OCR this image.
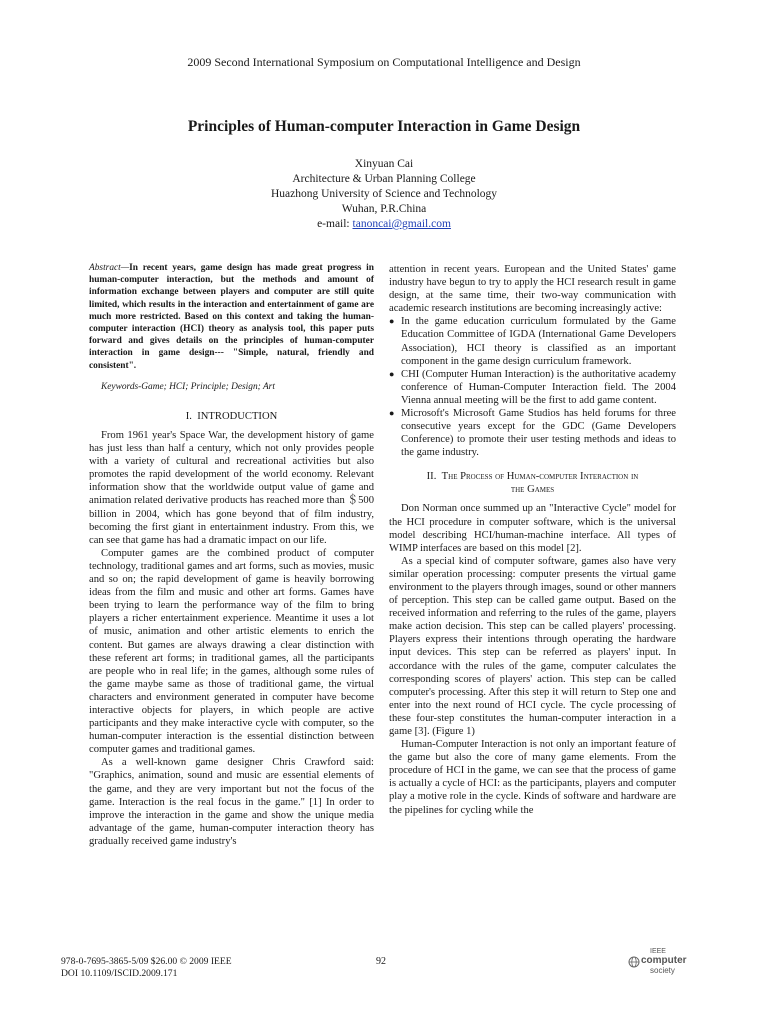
2009 Second International Symposium on Computational Intelligence and Design
Principles of Human-computer Interaction in Game Design
Xinyuan Cai
Architecture & Urban Planning College
Huazhong University of Science and Technology
Wuhan, P.R.China
e-mail: tanoncai@gmail.com

Abstract—In recent years, game design has made great progress in human-computer interaction, but the methods and amount of information exchange between players and computer are still quite limited, which results in the interaction and entertainment of game are much more restricted. Based on this context and taking the human-computer interaction (HCI) theory as analysis tool, this paper puts forward and gives details on the principles of human-computer interaction in game design--- "Simple, natural, friendly and consistent".

Keywords-Game; HCI; Principle; Design; Art

I. INTRODUCTION

From 1961 year's Space War, the development history of game has just less than half a century, which not only provides people with a variety of cultural and recreational activities but also promotes the rapid development of the world economy. Relevant information show that the worldwide output value of game and animation related derivative products has reached more than ＄500 billion in 2004, which has gone beyond that of film industry, becoming the first giant in entertainment industry. From this, we can see that game has had a dramatic impact on our life.

Computer games are the combined product of computer technology, traditional games and art forms, such as movies, music and so on; the rapid development of game is heavily borrowing ideas from the film and music and other art forms. Games have been trying to learn the performance way of the film to bring players a richer entertainment experience. Meantime it uses a lot of music, animation and other artistic elements to enrich the content. But games are always drawing a clear distinction with these referent art forms; in traditional games, all the participants are people who in real life; in the games, although some rules of the game maybe same as those of traditional game, the virtual characters and environment generated in computer have become interactive objects for players, in which people are active participants and they make interactive cycle with computer, so the human-computer interaction is the essential distinction between computer games and traditional games.

As a well-known game designer Chris Crawford said: "Graphics, animation, sound and music are essential elements of the game, and they are very important but not the focus of the game. Interaction is the real focus in the game." [1] In order to improve the interaction in the game and show the unique media advantage of the game, human-computer interaction theory has gradually received game industry's

attention in recent years. European and the United States' game industry have begun to try to apply the HCI research result in game design, at the same time, their two-way communication with academic research institutions are becoming increasingly active:

● In the game education curriculum formulated by the Game Education Committee of IGDA (International Game Developers Association), HCI theory is classified as an important component in the game design curriculum framework.
● CHI (Computer Human Interaction) is the authoritative academy conference of Human-Computer Interaction field. The 2004 Vienna annual meeting will be the first to add game content.
● Microsoft's Microsoft Game Studios has held forums for three consecutive years except for the GDC (Game Developers Conference) to promote their user testing methods and ideas to the game industry.

II. The Process of Human-computer Interaction in
the Games

Don Norman once summed up an "Interactive Cycle" model for the HCI procedure in computer software, which is the universal model describing HCI/human-machine interface. All types of WIMP interfaces are based on this model [2].

As a special kind of computer software, games also have very similar operation processing: computer presents the virtual game environment to the players through images, sound or other manners of perception. This step can be called game output. Based on the received information and referring to the rules of the game, players make action decision. This step can be called players' processing. Players express their intentions through operating the hardware input devices. This step can be referred as players' input. In accordance with the rules of the game, computer calculates the corresponding scores of players' action. This step can be called computer's processing. After this step it will return to Step one and enter into the next round of HCI cycle. The cycle processing of these four-step constitutes the human-computer interaction in a game [3]. (Figure 1)

Human-Computer Interaction is not only an important feature of the game but also the core of many game elements. From the procedure of HCI in the game, we can see that the process of game is actually a cycle of HCI: as the participants, players and computer play a motive role in the cycle. Kinds of software and hardware are the pipelines for cycling while the

978-0-7695-3865-5/09 $26.00 © 2009 IEEE
DOI 10.1109/ISCID.2009.171
92
IEEE
computer
society
